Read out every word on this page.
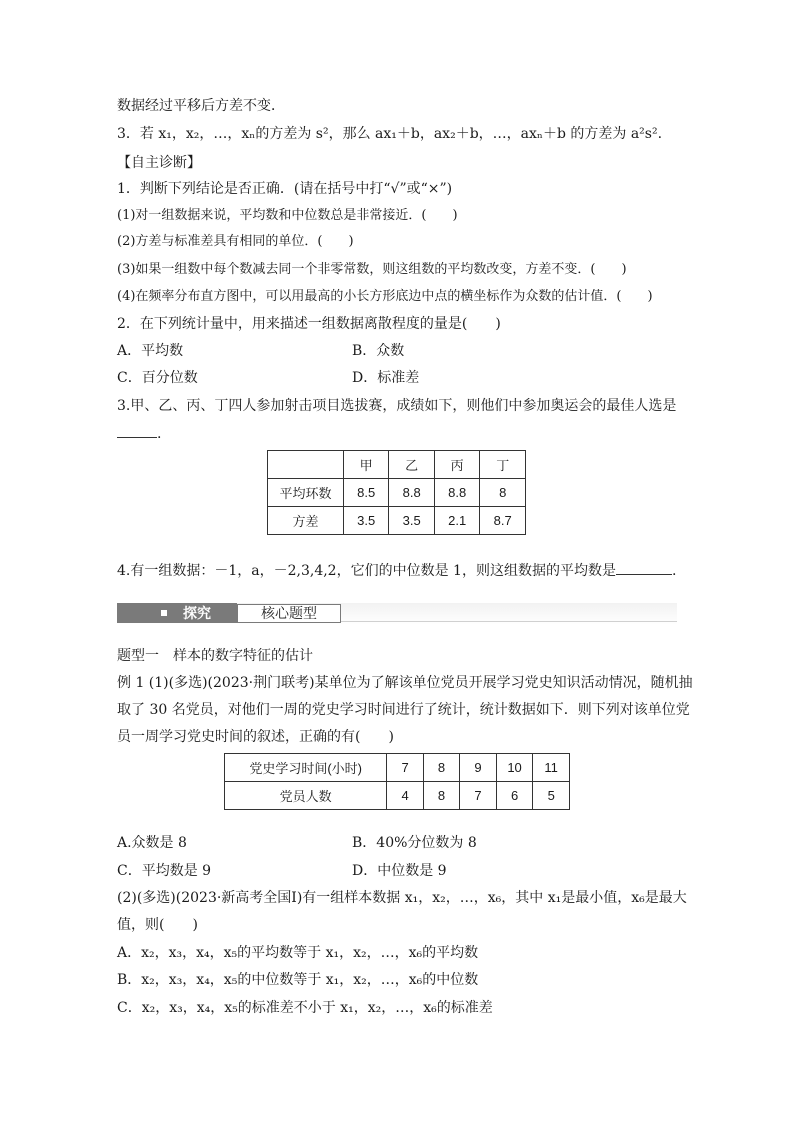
数据经过平移后方差不变．
3．若 x₁，x₂，…，xₙ的方差为 s²，那么 ax₁＋b，ax₂＋b，…，axₙ＋b 的方差为 a²s².
【自主诊断】
1．判断下列结论是否正确．(请在括号中打“√”或“×”)
(1)对一组数据来说，平均数和中位数总是非常接近．(　　)
(2)方差与标准差具有相同的单位．(　　)
(3)如果一组数中每个数减去同一个非零常数，则这组数的平均数改变，方差不变．(　　)
(4)在频率分布直方图中，可以用最高的小长方形底边中点的横坐标作为众数的估计值．(　　)
2．在下列统计量中，用来描述一组数据离散程度的量是(　　)
A．平均数	B．众数
C．百分位数	D．标准差
3.甲、乙、丙、丁四人参加射击项目选拔赛，成绩如下，则他们中参加奥运会的最佳人选是
.
	甲	乙	丙	丁
平均环数	8.5	8.8	8.8	8
方差	3.5	3.5	2.1	8.7
4.有一组数据：－1，a，－2,3,4,2，它们的中位数是 1，则这组数据的平均数是	.
探究	核心题型
题型一　样本的数字特征的估计
例 1 (1)(多选)(2023·荆门联考)某单位为了解该单位党员开展学习党史知识活动情况，随机抽
取了 30 名党员，对他们一周的党史学习时间进行了统计，统计数据如下．则下列对该单位党
员一周学习党史时间的叙述，正确的有(　　)
党史学习时间(小时)	7	8	9	10	11
党员人数	4	8	7	6	5
A.众数是 8	B．40%分位数为 8
C．平均数是 9	D．中位数是 9
(2)(多选)(2023·新高考全国Ⅰ)有一组样本数据 x₁，x₂，…，x₆，其中 x₁是最小值，x₆是最大
值，则(　　)
A．x₂，x₃，x₄，x₅的平均数等于 x₁，x₂，…，x₆的平均数
B．x₂，x₃，x₄，x₅的中位数等于 x₁，x₂，…，x₆的中位数
C．x₂，x₃，x₄，x₅的标准差不小于 x₁，x₂，…，x₆的标准差
